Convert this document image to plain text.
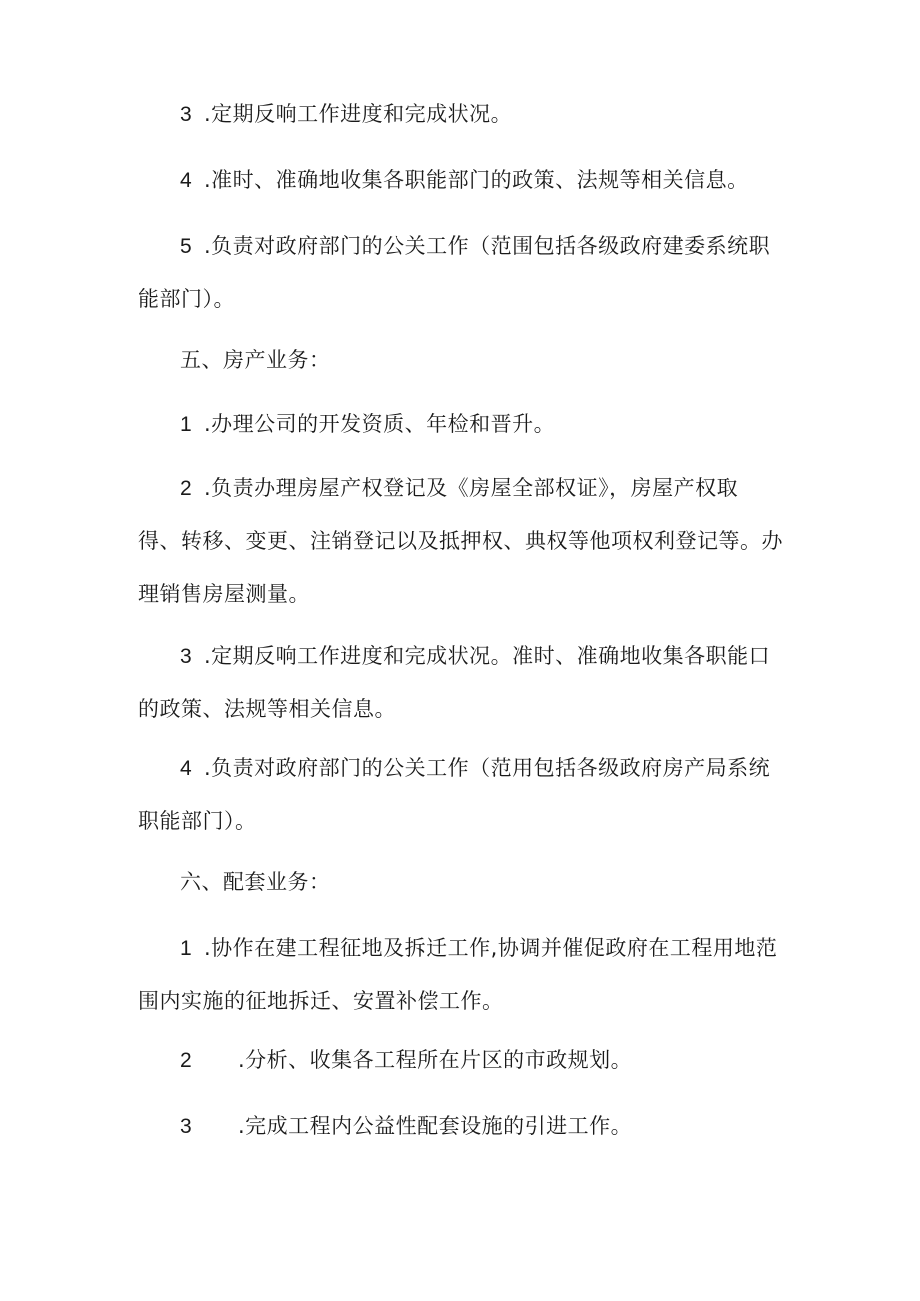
3 .定期反响工作进度和完成状况。

4 .准时、准确地收集各职能部门的政策、法规等相关信息。

5 .负责对政府部门的公关工作（范围包括各级政府建委系统职
能部门）。

五、房产业务：

1 .办理公司的开发资质、年检和晋升。

2 .负责办理房屋产权登记及《房屋全部权证》，房屋产权取
得、转移、变更、注销登记以及抵押权、典权等他项权利登记等。办
理销售房屋测量。

3 .定期反响工作进度和完成状况。准时、准确地收集各职能口
的政策、法规等相关信息。

4 .负责对政府部门的公关工作（范用包括各级政府房产局系统
职能部门）。

六、配套业务：

1 .协作在建工程征地及拆迁工作,协调并催促政府在工程用地范
围内实施的征地拆迁、安置补偿工作。

2 .分析、收集各工程所在片区的市政规划。

3 .完成工程内公益性配套设施的引进工作。
